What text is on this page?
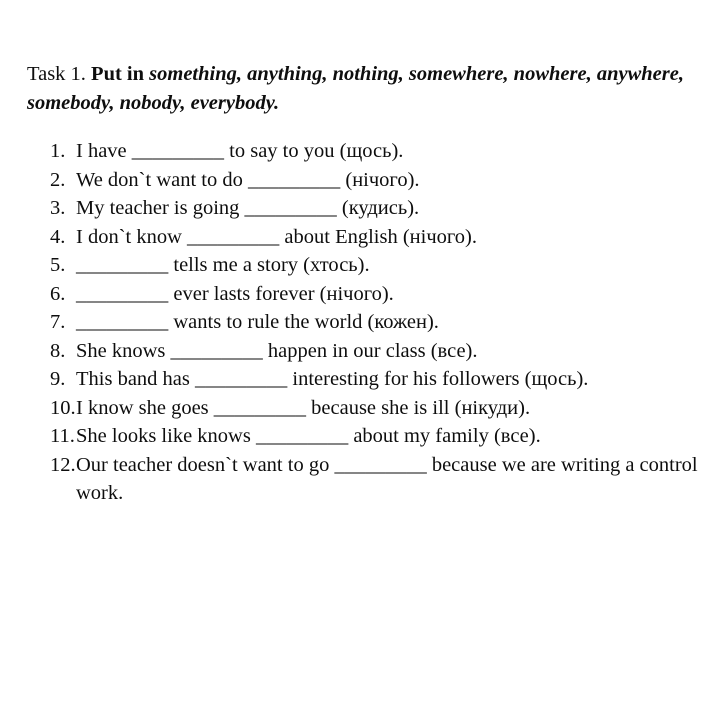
Task 1. Put in something, anything, nothing, somewhere, nowhere, anywhere, somebody, nobody, everybody.

1. I have _________ to say to you (щось).
2. We don`t want to do _________ (нічого).
3. My teacher is going _________ (кудись).
4. I don`t know _________ about English (нічого).
5. _________ tells me a story (хтось).
6. _________ ever lasts forever (нічого).
7. _________ wants to rule the world (кожен).
8. She knows _________ happen in our class (все).
9. This band has _________ interesting for his followers (щось).
10.I know she goes _________ because she is ill (нікуди).
11.She looks like knows _________ about my family (все).
12.Our teacher doesn`t want to go _________ because we are writing a control work.
